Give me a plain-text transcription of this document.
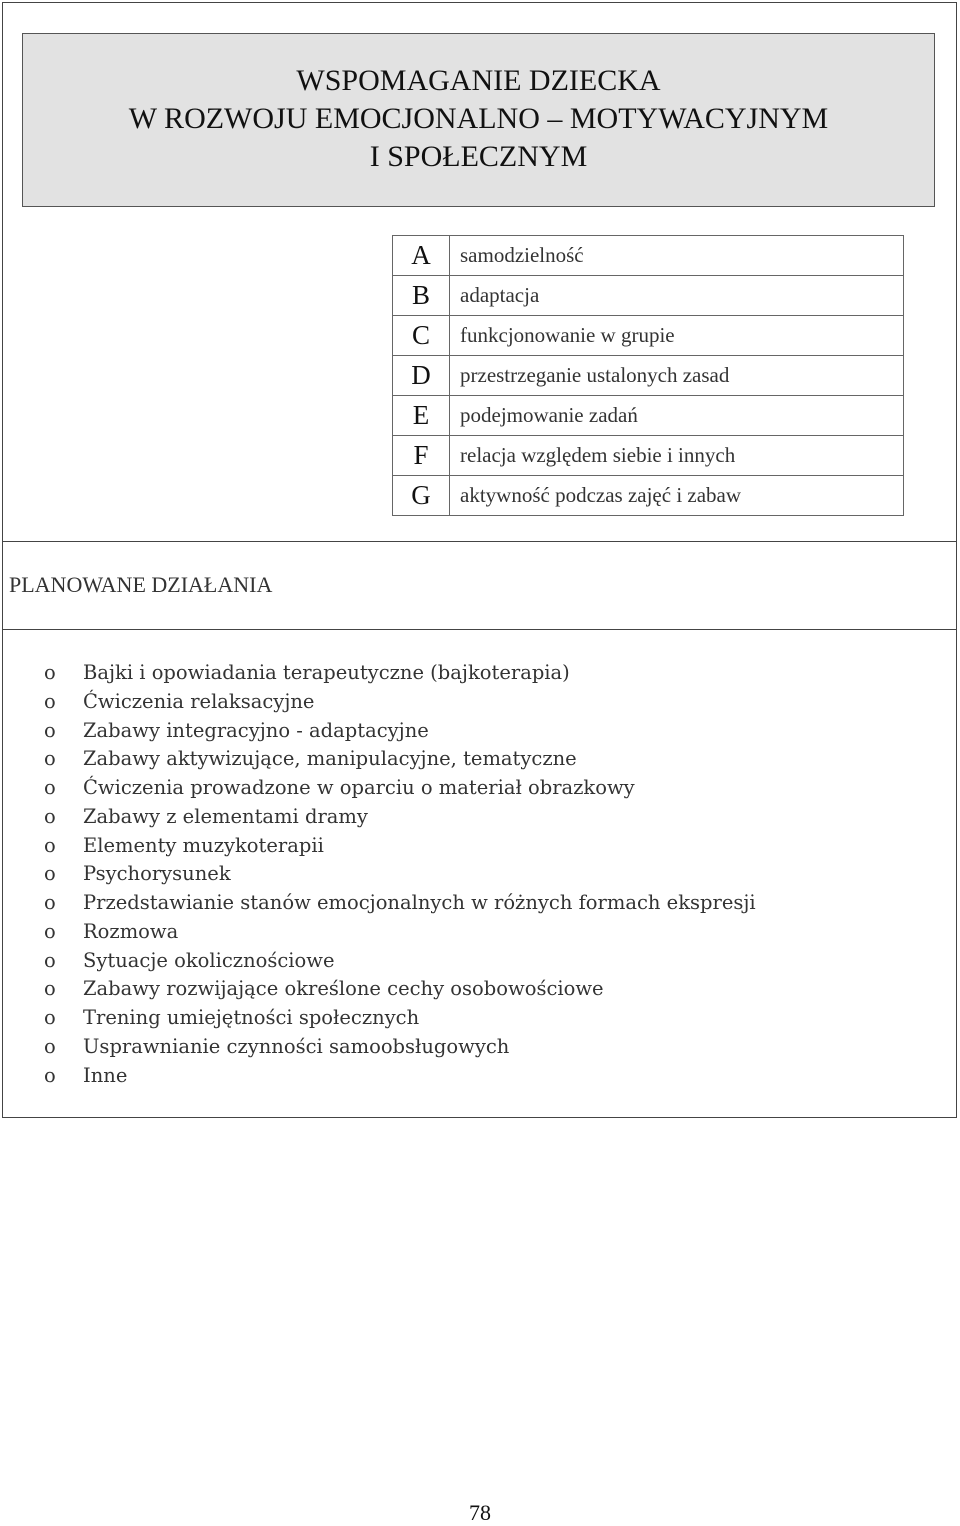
WSPOMAGANIE DZIECKA
W ROZWOJU EMOCJONALNO – MOTYWACYJNYM
I SPOŁECZNYM
A	samodzielność
B	adaptacja
C	funkcjonowanie w grupie
D	przestrzeganie ustalonych zasad
E	podejmowanie zadań
F	relacja względem siebie i innych
G	aktywność podczas zajęć i zabaw
PLANOWANE DZIAŁANIA
o Bajki i opowiadania terapeutyczne (bajkoterapia)
o Ćwiczenia relaksacyjne
o Zabawy integracyjno - adaptacyjne
o Zabawy aktywizujące, manipulacyjne, tematyczne
o Ćwiczenia prowadzone w oparciu o materiał obrazkowy
o Zabawy z elementami dramy
o Elementy muzykoterapii
o Psychorysunek
o Przedstawianie stanów emocjonalnych w różnych formach ekspresji
o Rozmowa
o Sytuacje okolicznościowe
o Zabawy rozwijające określone cechy osobowościowe
o Trening umiejętności społecznych
o Usprawnianie czynności samoobsługowych
o Inne
78
